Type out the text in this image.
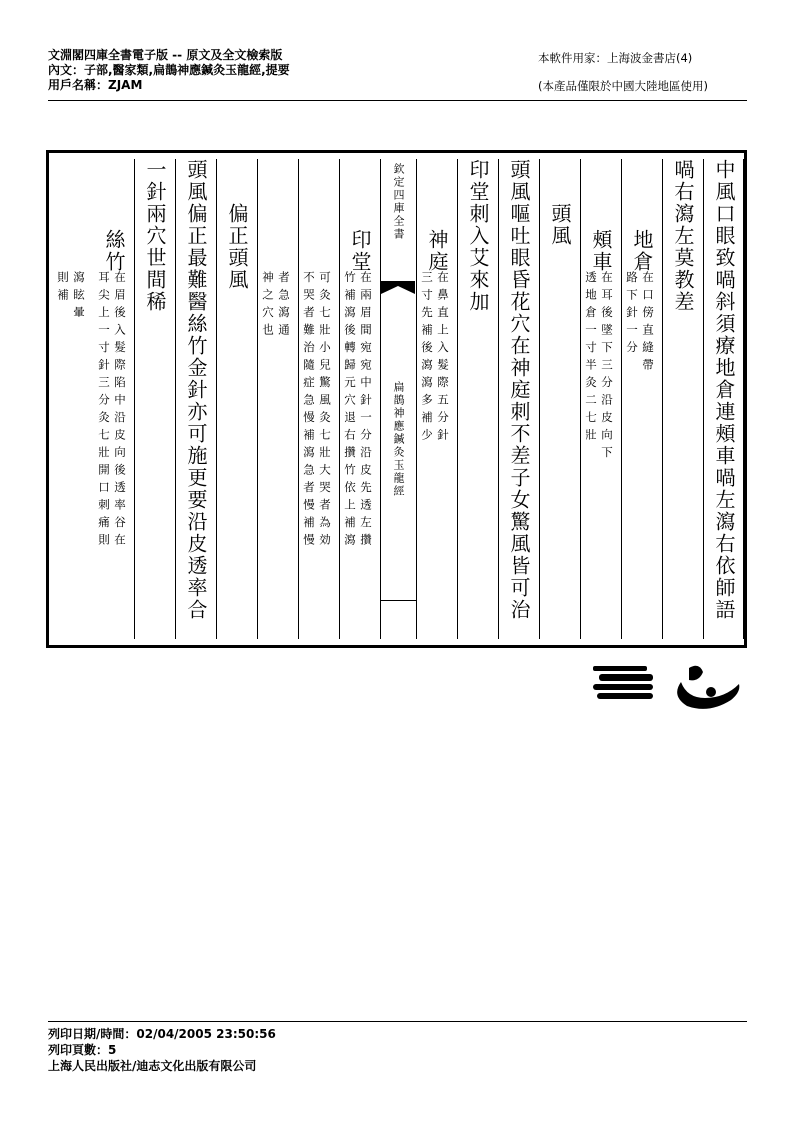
文淵閣四庫全書電子版 -- 原文及全文檢索版
內文：子部,醫家類,扁鵲神應鍼灸玉龍經,提要
用戶名稱：ZJAM
本軟件用家：上海波金書店(4)
(本產品僅限於中國大陸地區使用)
中風口眼致喎斜須療地倉連頰車喎左瀉右依師語
喎右瀉左莫教差
地倉
在口傍直縫帶
路下針一分
頰車
在耳後墜下三分沿皮向下
透地倉一寸半灸二七壯
頭風
頭風嘔吐眼昏花穴在神庭刺不差子女驚風皆可治
印堂刺入艾來加
神庭
在鼻直上入髮際五分針
三寸先補後瀉瀉多補少
欽定四庫全書
扁鵲神應鍼灸玉龍經
印堂
在兩眉間宛宛中針一分沿皮先透左攢
竹補瀉後轉歸元穴退右攢竹依上補瀉
可灸七壯小兒驚風灸七壯大哭者為効
不哭者難治隨症急慢補瀉急者慢補慢
者急瀉通
神之穴也
偏正頭風
頭風偏正最難醫絲竹金針亦可施更要沿皮透率合
一針兩穴世間稀
絲竹
在眉後入髮際陷中沿皮向後透率谷在
耳尖上一寸針三分灸七壯開口刺痛則
瀉眩暈
則補
列印日期/時間：02/04/2005 23:50:56
列印頁數：5
上海人民出版社/迪志文化出版有限公司
